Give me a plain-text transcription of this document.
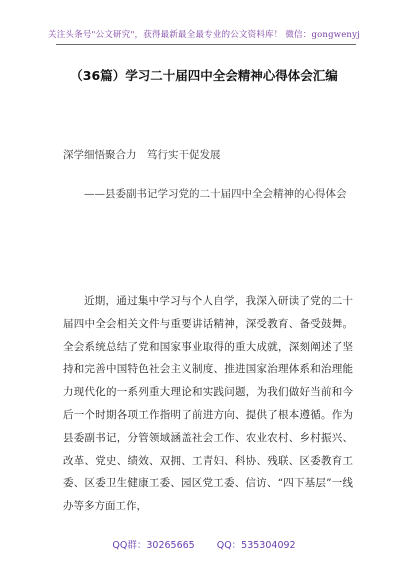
关注头条号"公文研究"，获得最新最全最专业的公文资料库！ 微信：gongwenyj
（36篇）学习二十届四中全会精神心得体会汇编
深学细悟聚合力　笃行实干促发展
——县委副书记学习党的二十届四中全会精神的心得体会
近期，通过集中学习与个人自学，我深入研读了党的二十届四中全会相关文件与重要讲话精神，深受教育、备受鼓舞。全会系统总结了党和国家事业取得的重大成就，深刻阐述了坚持和完善中国特色社会主义制度、推进国家治理体系和治理能力现代化的一系列重大理论和实践问题，为我们做好当前和今后一个时期各项工作指明了前进方向、提供了根本遵循。作为县委副书记，分管领域涵盖社会工作、农业农村、乡村振兴、改革、党史、绩效、双拥、工青妇、科协、残联、区委教育工委、区委卫生健康工委、园区党工委、信访、“四下基层”一线办等多方面工作，
QQ群：30265665 QQ：535304092
